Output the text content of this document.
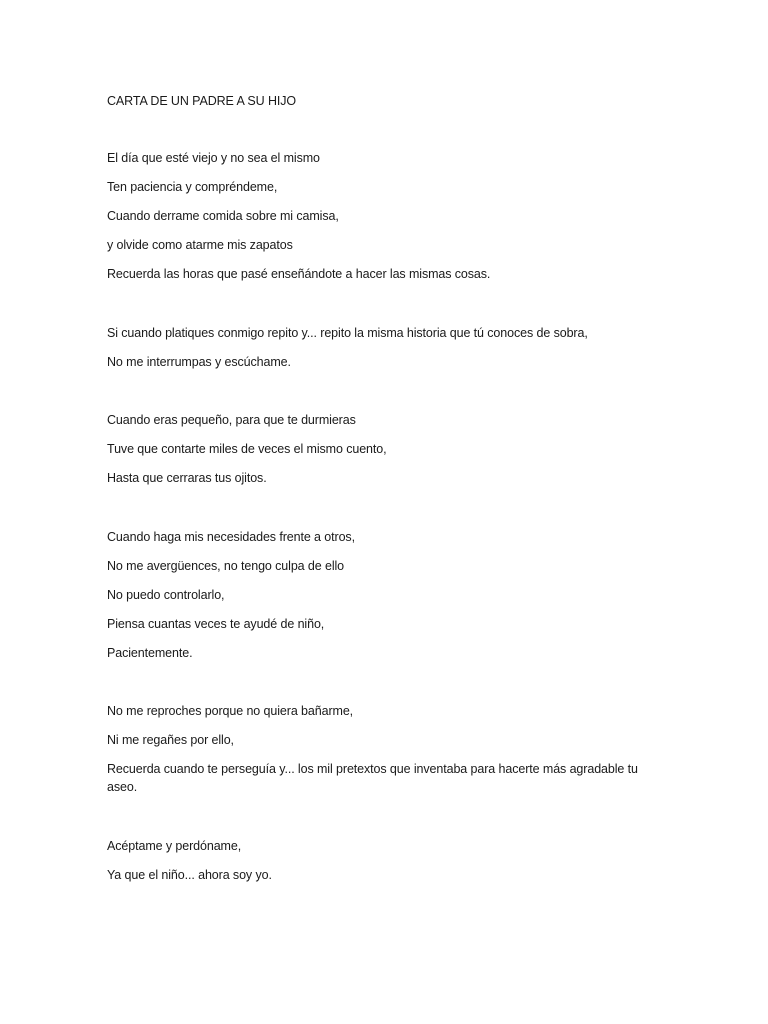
CARTA DE UN PADRE A SU HIJO

El día que esté viejo y no sea el mismo
Ten paciencia y compréndeme,
Cuando derrame comida sobre mi camisa,
y olvide como atarme mis zapatos
Recuerda las horas que pasé enseñándote a hacer las mismas cosas.
Si cuando platiques conmigo repito y... repito la misma historia que tú conoces de sobra,
No me interrumpas y escúchame.
Cuando eras pequeño, para que te durmieras
Tuve que contarte miles de veces el mismo cuento,
Hasta que cerraras tus ojitos.
Cuando haga mis necesidades frente a otros,
No me avergüences, no tengo culpa de ello
No puedo controlarlo,
Piensa cuantas veces te ayudé de niño,
Pacientemente.
No me reproches porque no quiera bañarme,
Ni me regañes por ello,
Recuerda cuando te perseguía y... los mil pretextos que inventaba para hacerte más agradable tu aseo.
Acéptame y perdóname,
Ya que el niño... ahora soy yo.
